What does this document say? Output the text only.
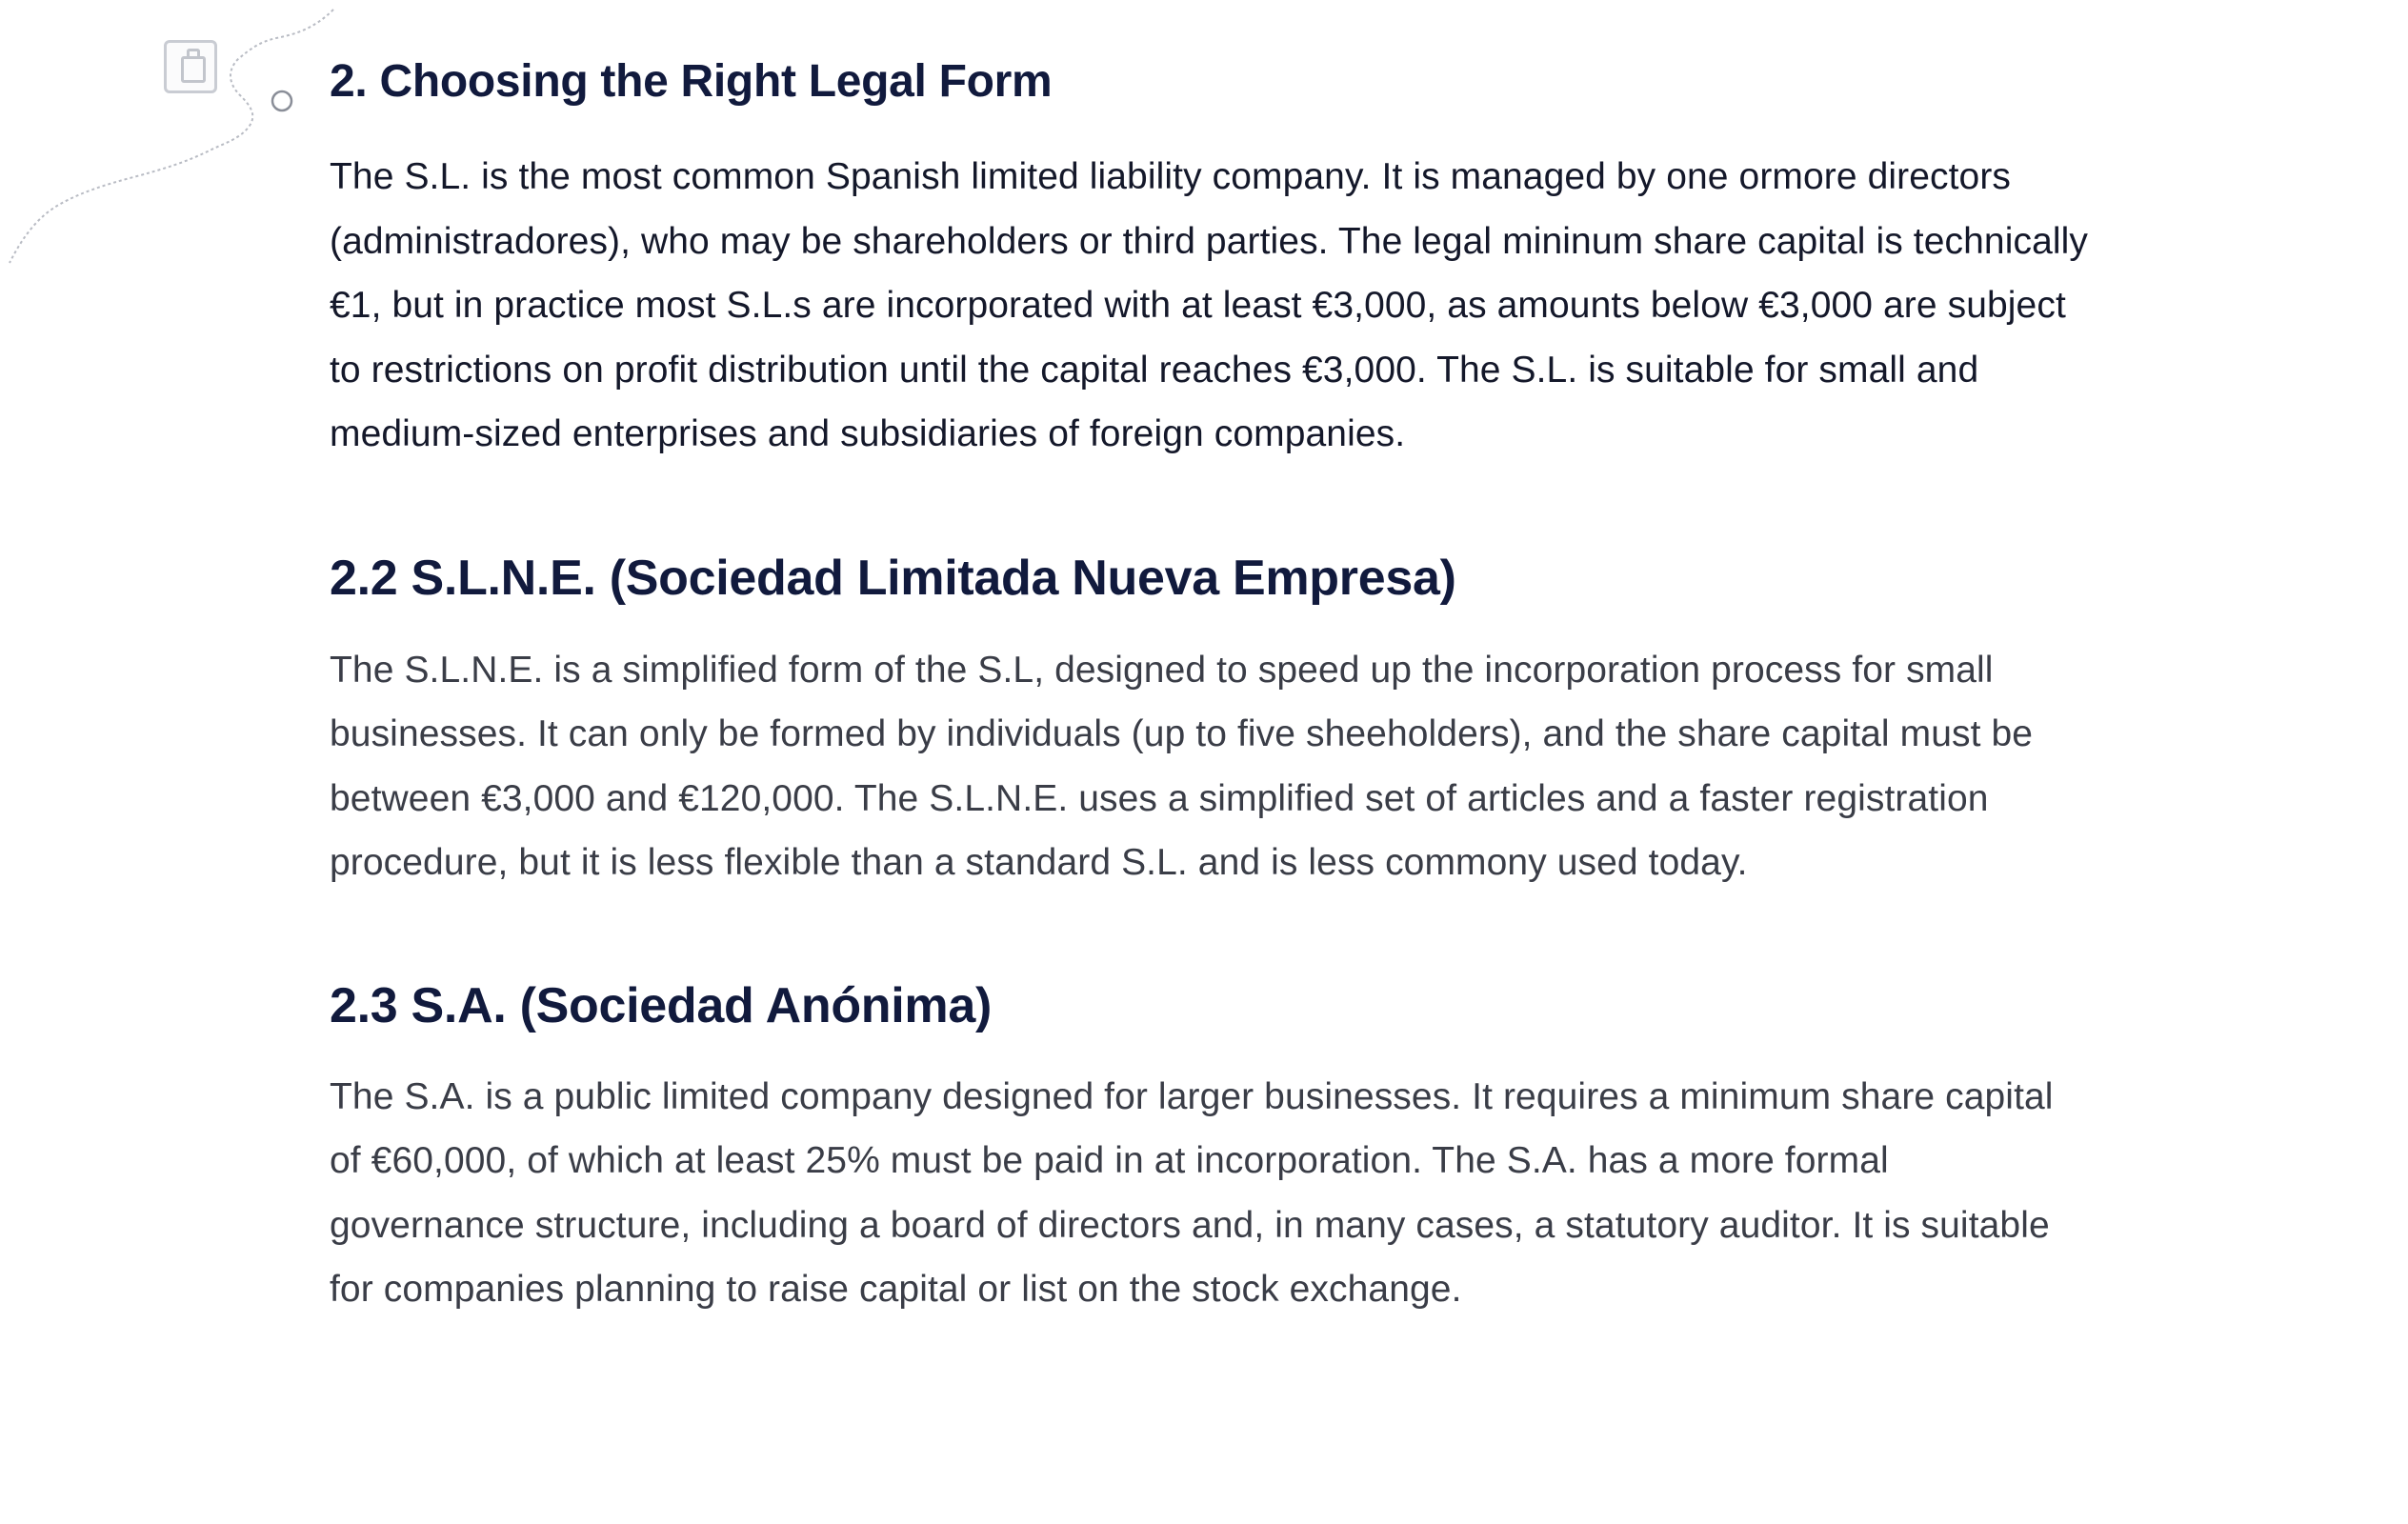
2. Choosing the Right Legal Form

The S.L. is the most common Spanish limited liability company. It is managed by one ormore directors (administradores), who may be shareholders or third parties. The legal mininum share capital is technically €1, but in practice most S.L.s are incorporated with at least €3,000, as amounts below €3,000 are subject to restrictions on profit distribution until the capital reaches €3,000. The S.L. is suitable for small and medium-sized enterprises and subsidiaries of foreign companies.

2.2 S.L.N.E. (Sociedad Limitada Nueva Empresa)

The S.L.N.E. is a simplified form of the S.L, designed to speed up the incorporation process for small businesses. It can only be formed by individuals (up to five sheeholders), and the share capital must be between €3,000 and €120,000. The S.L.N.E. uses a simplified set of articles and a faster registration procedure, but it is less flexible than a standard S.L. and is less commony used today.

2.3 S.A. (Sociedad Anónima)

The S.A. is a public limited company designed for larger businesses. It requires a minimum share capital of €60,000, of which at least 25% must be paid in at incorporation. The S.A. has a more formal governance structure, including a board of directors and, in many cases, a statutory auditor. It is suitable for companies planning to raise capital or list on the stock exchange.
